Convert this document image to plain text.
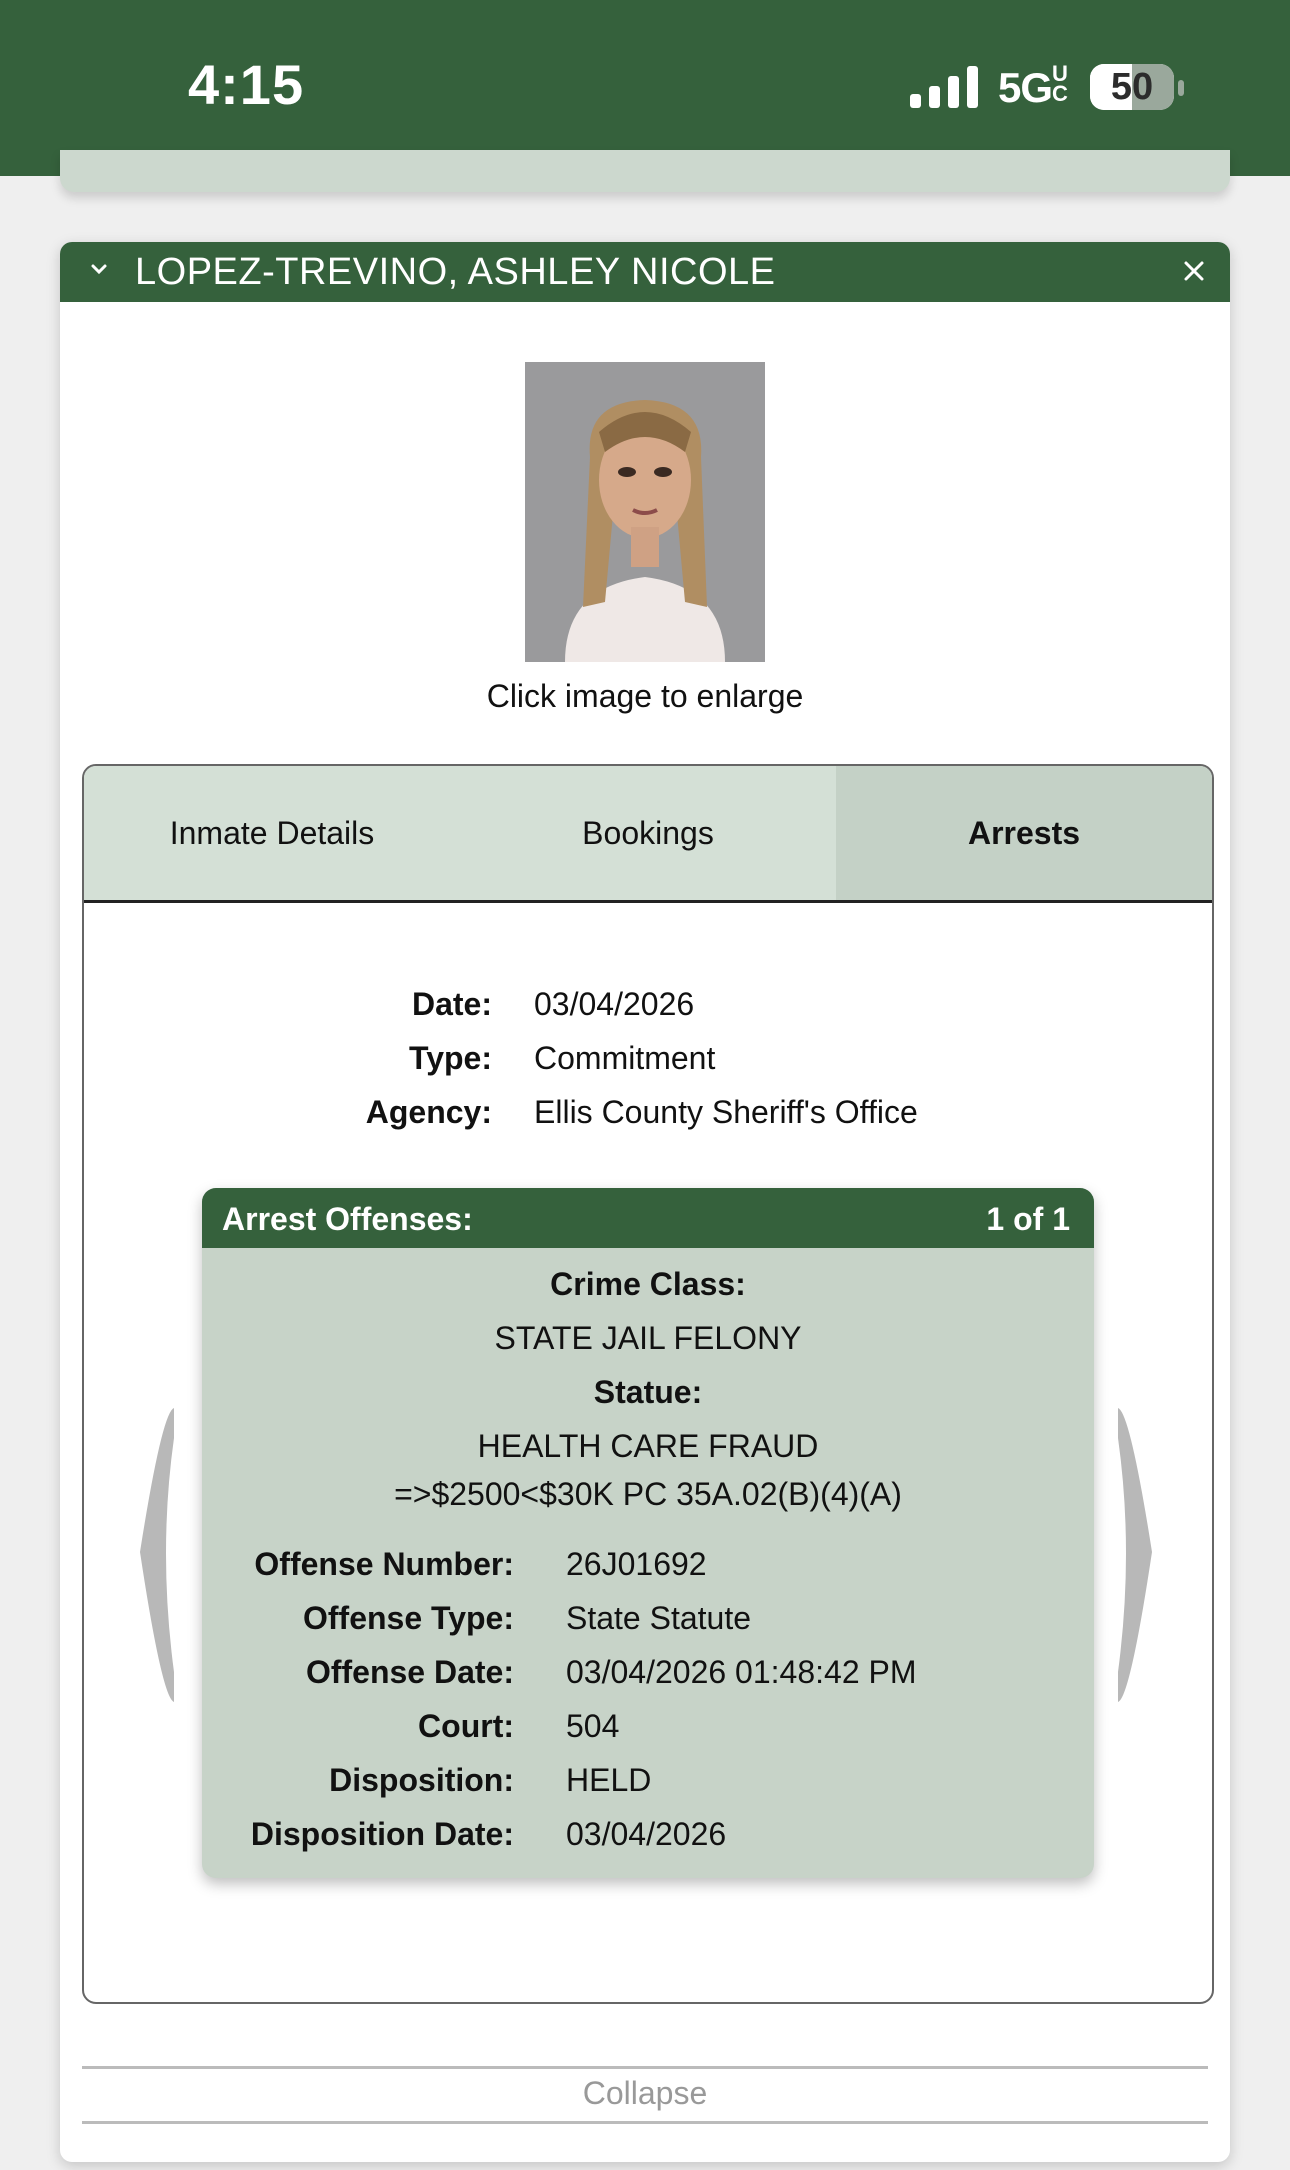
4:15	5GUC	50
LOPEZ-TREVINO, ASHLEY NICOLE
Click image to enlarge
Inmate Details	Bookings	Arrests
Date: 03/04/2026
Type: Commitment
Agency: Ellis County Sheriff's Office
Arrest Offenses:	1 of 1
Crime Class:
STATE JAIL FELONY
Statue:
HEALTH CARE FRAUD
=>$2500<$30K PC 35A.02(B)(4)(A)
Offense Number: 26J01692
Offense Type: State Statute
Offense Date: 03/04/2026 01:48:42 PM
Court: 504
Disposition: HELD
Disposition Date: 03/04/2026
Collapse
